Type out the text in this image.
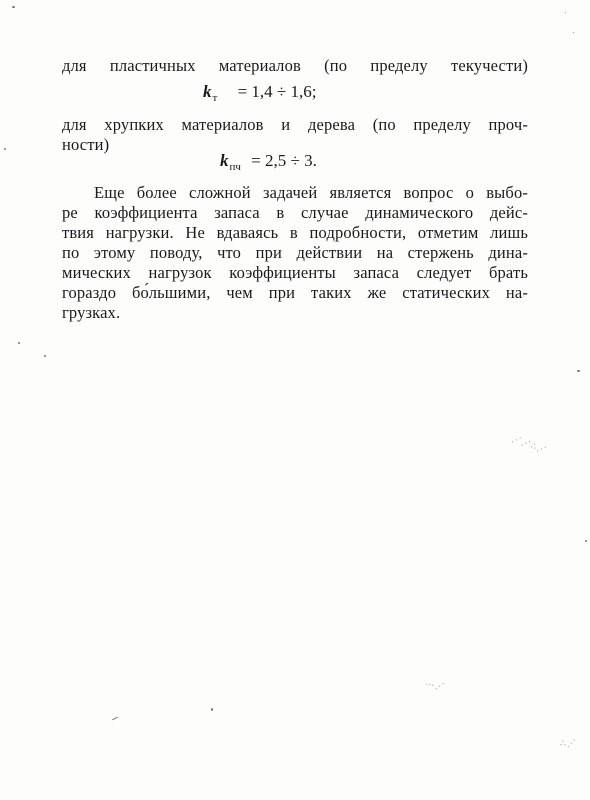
для пластичных материалов (по пределу текучести)
$k_т = 1,4 \div 1,6$;
для хрупких материалов и дерева (по пределу проч-
ности)
$k_{пч} = 2,5 \div 3$.
Еще более сложной задачей является вопрос о выбо-
ре коэффициента запаса в случае динамического дейс-
твия нагрузки. Не вдаваясь в подробности, отметим лишь
по этому поводу, что при действии на стержень дина-
мических нагрузок коэффициенты запаса следует брать
гораздо бо́льшими, чем при таких же статических на-
грузках.
⋰⋰∴⋰
∴⋰
⋯⋰
